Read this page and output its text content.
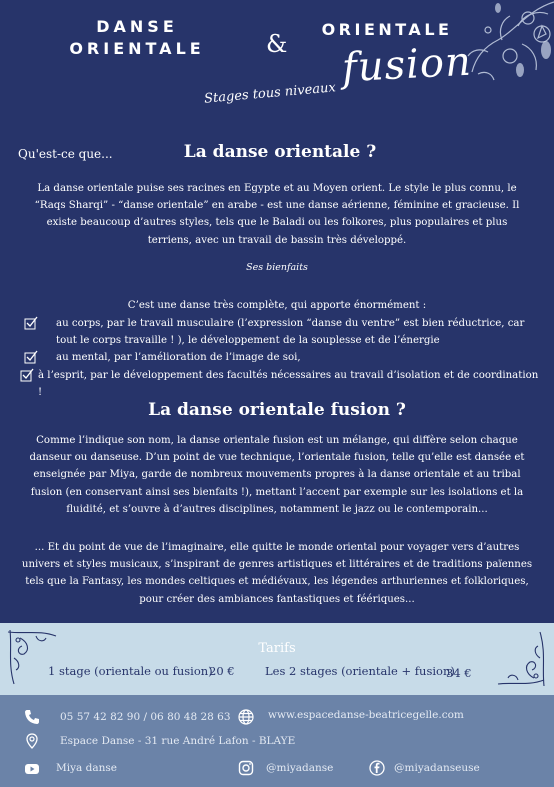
DANSE
ORIENTALE	&
ORIENTALE
fusion
Stages tous niveaux
Qu'est-ce que...	La danse orientale ?
La danse orientale puise ses racines en Egypte et au Moyen orient. Le style le plus connu, le “Raqs Sharqi” - “danse orientale” en arabe - est une danse aérienne, féminine et gracieuse. Il existe beaucoup d’autres styles, tels que le Baladi ou les folkores, plus populaires et plus terriens, avec un travail de bassin très développé.
Ses bienfaits
C’est une danse très complète, qui apporte énormément :
au corps, par le travail musculaire (l’expression “danse du ventre” est bien réductrice, car tout le corps travaille ! ), le développement de la souplesse et de l’énergie
au mental, par l’amélioration de l’image de soi,
à l’esprit, par le développement des facultés nécessaires au travail d’isolation et de coordination !
La danse orientale fusion ?
Comme l’indique son nom, la danse orientale fusion est un mélange, qui diffère selon chaque danseur ou danseuse. D’un point de vue technique, l’orientale fusion, telle qu’elle est dansée et enseignée par Miya, garde de nombreux mouvements propres à la danse orientale et au tribal fusion (en conservant ainsi ses bienfaits !), mettant l’accent par exemple sur les isolations et la fluidité, et s’ouvre à d’autres disciplines, notamment le jazz ou le contemporain...
... Et du point de vue de l’imaginaire, elle quitte le monde oriental pour voyager vers d’autres univers et styles musicaux, s’inspirant de genres artistiques et littéraires et de traditions païennes tels que la Fantasy, les mondes celtiques et médiévaux, les légendes arthuriennes et folkloriques, pour créer des ambiances fantastiques et féériques...
Tarifs
1 stage (orientale ou fusion)
20 €	Les 2 stages (orientale + fusion)
34 €
05 57 42 82 90 / 06 80 48 28 63	www.espacedanse-beatricegelle.com
Espace Danse - 31 rue André Lafon - BLAYE
Miya danse	@miyadanse	@miyadanseuse
